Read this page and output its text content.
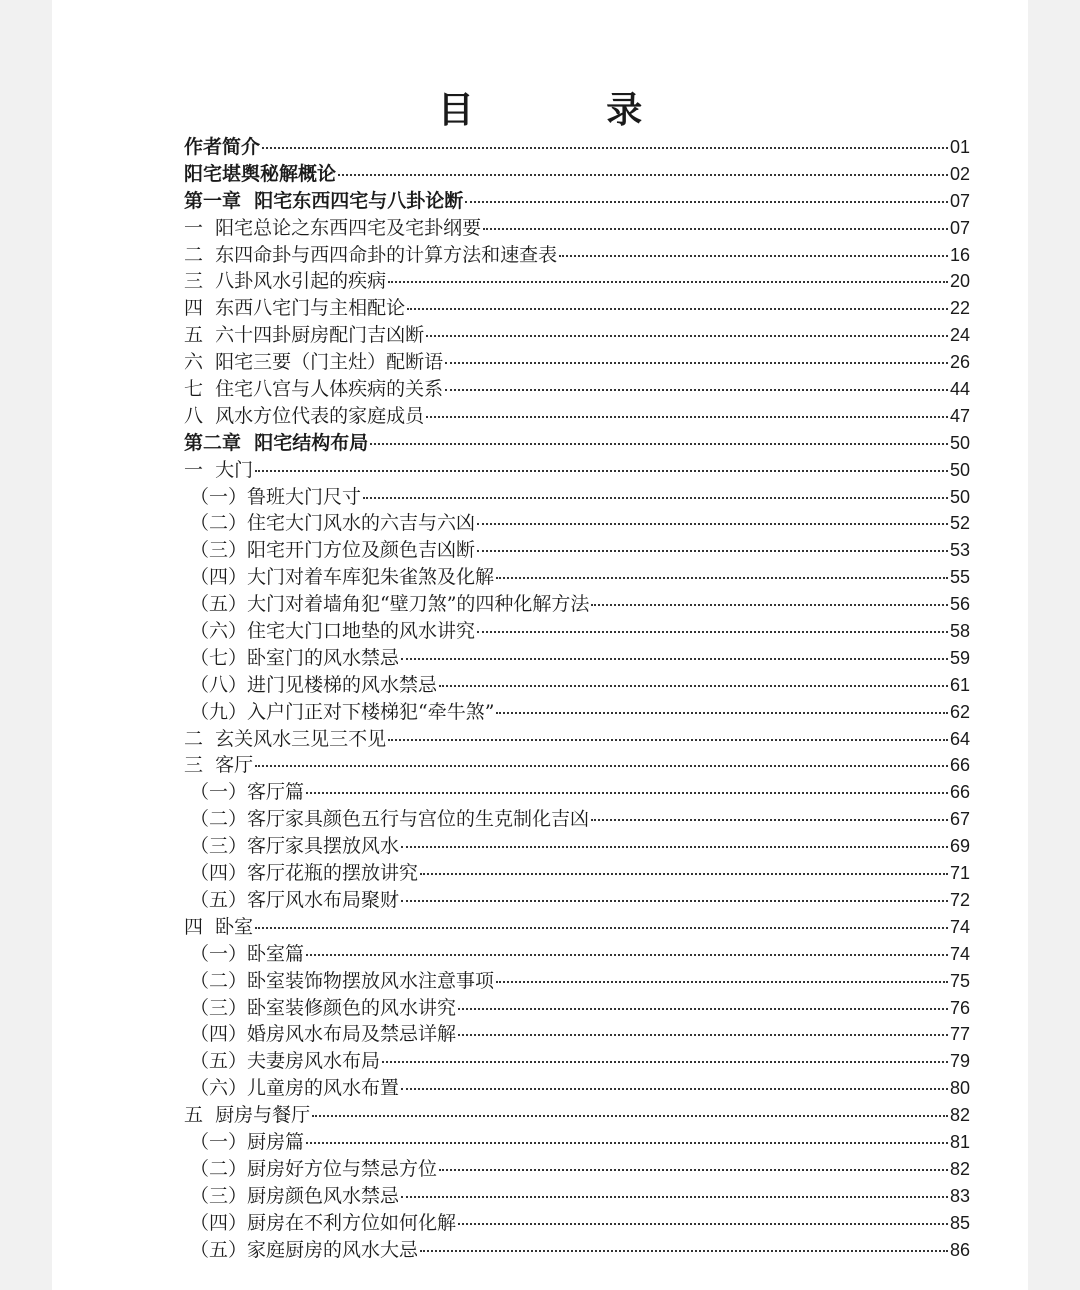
目 录
作者简介	01
阳宅堪舆秘解概论	02
第一章  阳宅东西四宅与八卦论断	07
一  阳宅总论之东西四宅及宅卦纲要	07
二  东四命卦与西四命卦的计算方法和速查表	16
三  八卦风水引起的疾病	20
四  东西八宅门与主相配论	22
五  六十四卦厨房配门吉凶断	24
六  阳宅三要（门主灶）配断语	26
七  住宅八宫与人体疾病的关系	44
八  风水方位代表的家庭成员	47
第二章  阳宅结构布局	50
一  大门	50
（一）鲁班大门尺寸	50
（二）住宅大门风水的六吉与六凶	52
（三）阳宅开门方位及颜色吉凶断	53
（四）大门对着车库犯朱雀煞及化解	55
（五）大门对着墙角犯“壁刀煞”的四种化解方法	56
（六）住宅大门口地垫的风水讲究	58
（七）卧室门的风水禁忌	59
（八）进门见楼梯的风水禁忌	61
（九）入户门正对下楼梯犯“牵牛煞”	62
二  玄关风水三见三不见	64
三  客厅	66
（一）客厅篇	66
（二）客厅家具颜色五行与宫位的生克制化吉凶	67
（三）客厅家具摆放风水	69
（四）客厅花瓶的摆放讲究	71
（五）客厅风水布局聚财	72
四  卧室	74
（一）卧室篇	74
（二）卧室装饰物摆放风水注意事项	75
（三）卧室装修颜色的风水讲究	76
（四）婚房风水布局及禁忌详解	77
（五）夫妻房风水布局	79
（六）儿童房的风水布置	80
五  厨房与餐厅	82
（一）厨房篇	81
（二）厨房好方位与禁忌方位	82
（三）厨房颜色风水禁忌	83
（四）厨房在不利方位如何化解	85
（五）家庭厨房的风水大忌	86
